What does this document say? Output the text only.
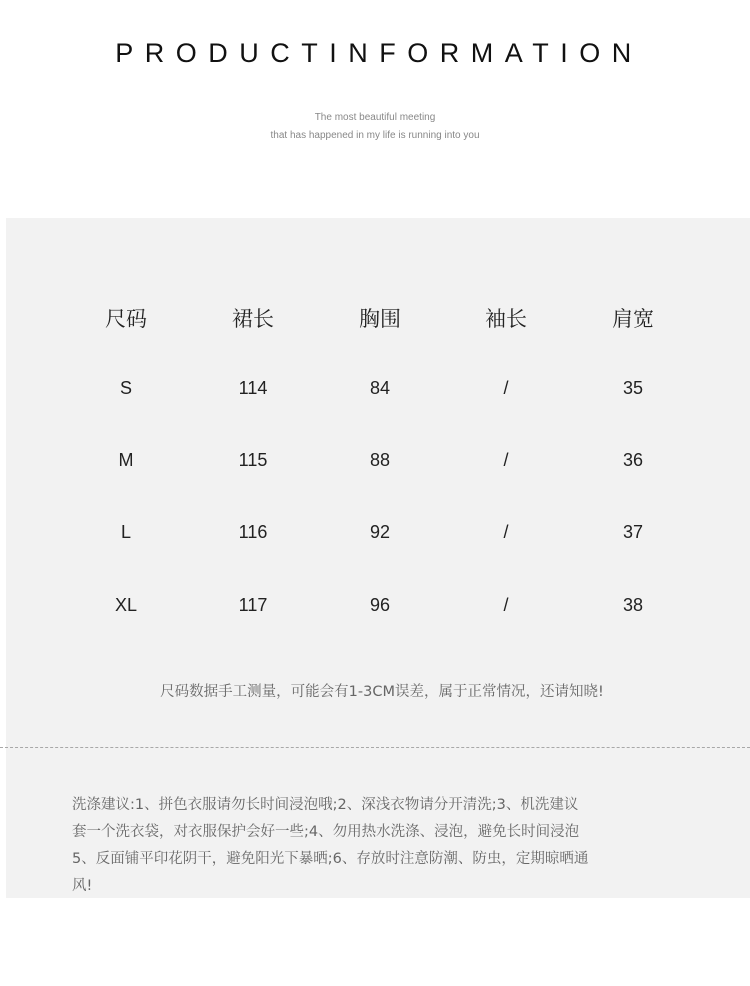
PRODUCTINFORMATION
The most beautiful meeting
that has happened in my life is running into you
尺码	裙长	胸围	袖长	肩宽
S	114	84	/	35
M	115	88	/	36
L	116	92	/	37
XL	117	96	/	38
尺码数据手工测量，可能会有1-3CM误差，属于正常情况，还请知晓!
洗涤建议:1、拼色衣服请勿长时间浸泡哦;2、深浅衣物请分开清洗;3、机洗建议
套一个洗衣袋，对衣服保护会好一些;4、勿用热水洗涤、浸泡，避免长时间浸泡
5、反面铺平印花阴干，避免阳光下暴晒;6、存放时注意防潮、防虫，定期晾晒通
风!
